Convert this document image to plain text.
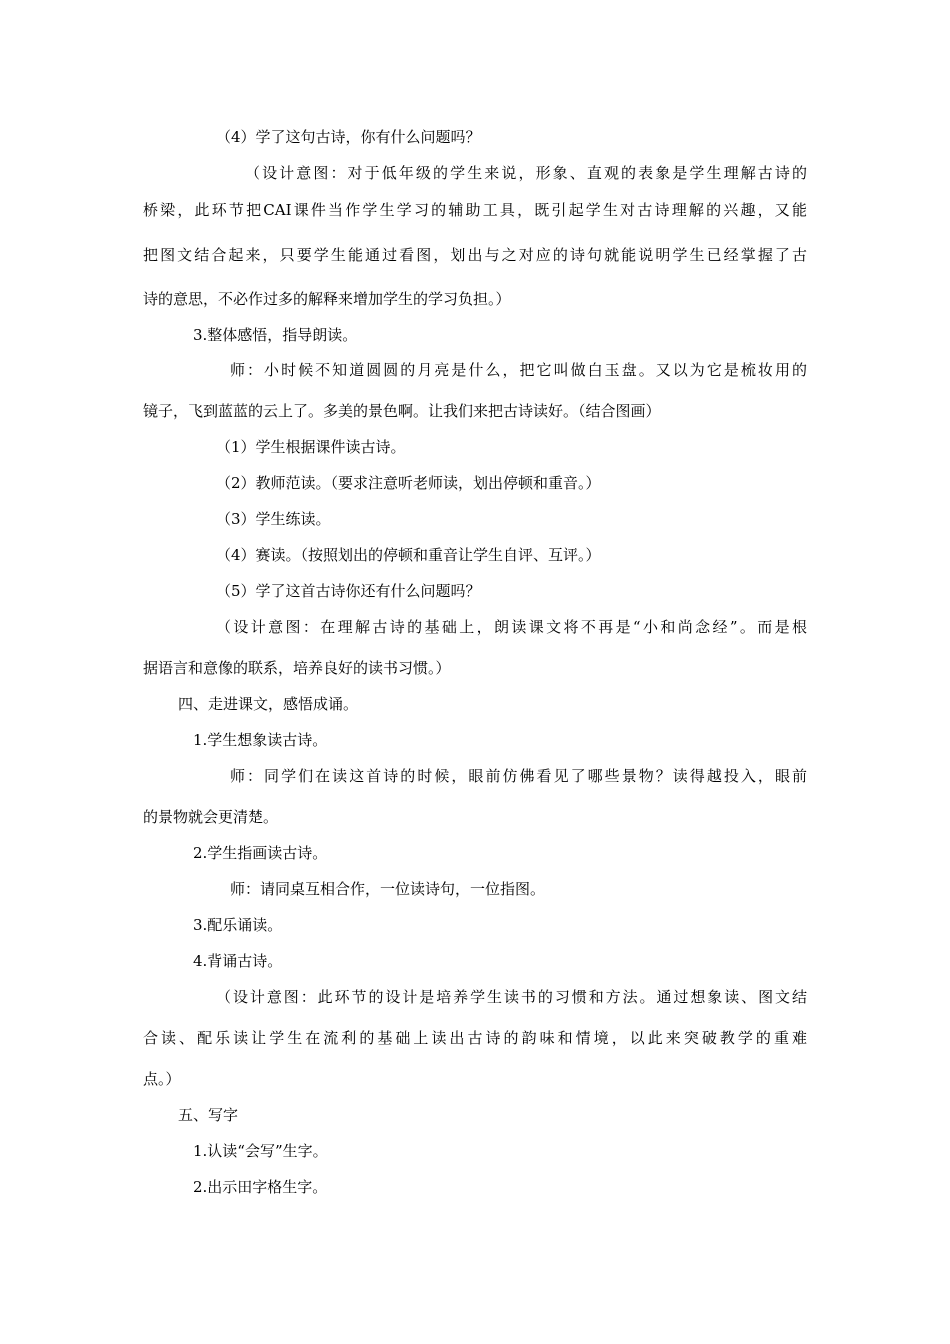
（4）学了这句古诗，你有什么问题吗？

（设计意图：对于低年级的学生来说，形象、直观的表象是学生理解古诗的

桥梁，此环节把CAI课件当作学生学习的辅助工具，既引起学生对古诗理解的兴趣，又能

把图文结合起来，只要学生能通过看图，划出与之对应的诗句就能说明学生已经掌握了古

诗的意思，不必作过多的解释来增加学生的学习负担。）

3.整体感悟，指导朗读。

师：小时候不知道圆圆的月亮是什么，把它叫做白玉盘。又以为它是梳妆用的

镜子，飞到蓝蓝的云上了。多美的景色啊。让我们来把古诗读好。（结合图画）

（1）学生根据课件读古诗。

（2）教师范读。（要求注意听老师读，划出停顿和重音。）

（3）学生练读。

（4）赛读。（按照划出的停顿和重音让学生自评、互评。）

（5）学了这首古诗你还有什么问题吗？

（设计意图：在理解古诗的基础上，朗读课文将不再是“小和尚念经”。而是根

据语言和意像的联系，培养良好的读书习惯。）

四、走进课文，感悟成诵。

1.学生想象读古诗。

师：同学们在读这首诗的时候，眼前仿佛看见了哪些景物？读得越投入，眼前

的景物就会更清楚。

2.学生指画读古诗。

师：请同桌互相合作，一位读诗句，一位指图。

3.配乐诵读。

4.背诵古诗。

（设计意图：此环节的设计是培养学生读书的习惯和方法。通过想象读、图文结

合读、配乐读让学生在流利的基础上读出古诗的韵味和情境，以此来突破教学的重难

点。）

五、写字

1.认读“会写”生字。

2.出示田字格生字。
